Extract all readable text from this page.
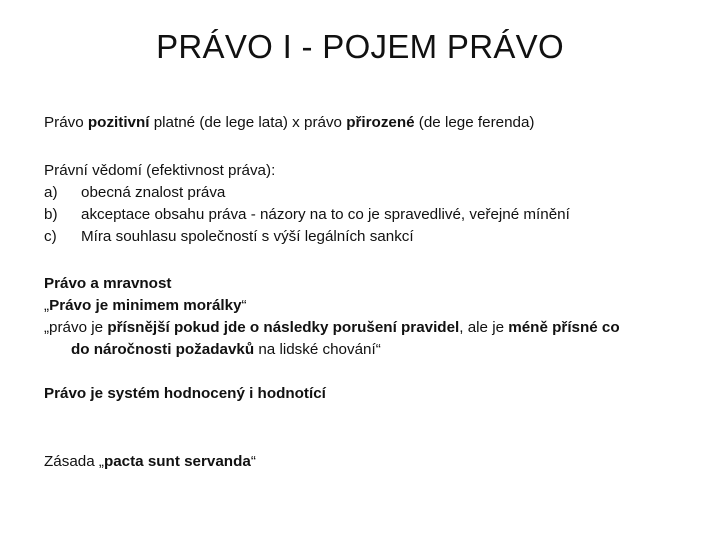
PRÁVO I - POJEM PRÁVO
Právo pozitivní platné (de lege lata) x právo přirozené (de lege ferenda)
Právní vědomí (efektivnost práva):
a)	obecná znalost práva
b)	akceptace obsahu práva - názory na to co je spravedlivé, veřejné mínění
c)	Míra souhlasu společností s výší legálních sankcí
Právo a mravnost
„Právo je minimem morálky“
„právo je přísnější pokud jde o následky porušení pravidel, ale je méně přísné co
do náročnosti požadavků na lidské chování“
Právo je systém hodnocený i hodnotící
Zásada „pacta sunt servanda“
